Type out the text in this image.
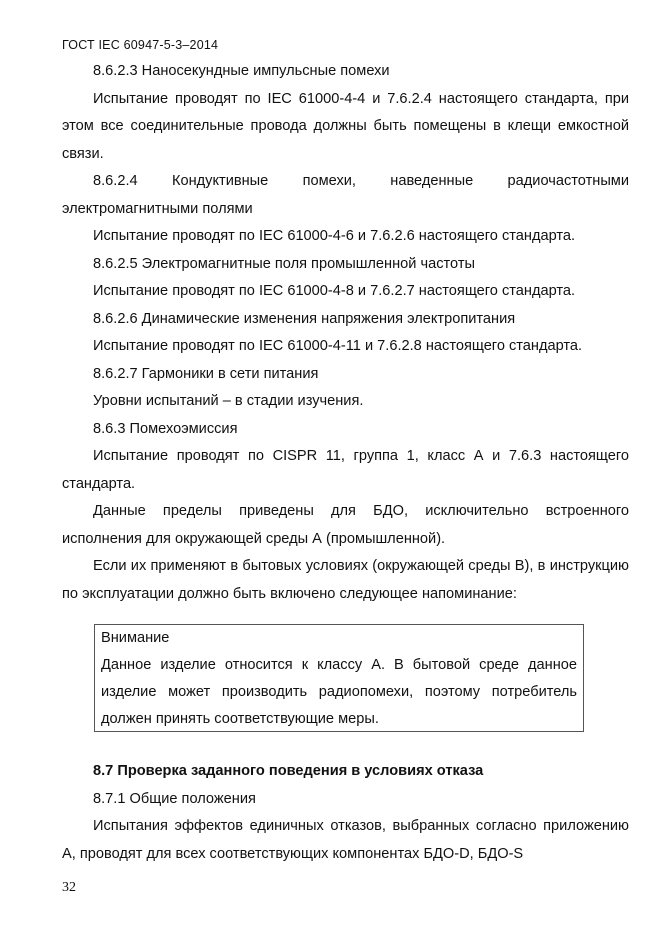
ГОСТ IEC 60947-5-3–2014

8.6.2.3 Наносекундные импульсные помехи

Испытание проводят по IEC 61000-4-4 и 7.6.2.4 настоящего стандарта, при этом все соединительные провода должны быть помещены в клещи емкостной связи.

8.6.2.4 Кондуктивные помехи, наведенные радиочастотными электромагнитными полями

Испытание проводят по IEC 61000-4-6 и 7.6.2.6 настоящего стандарта.

8.6.2.5 Электромагнитные поля промышленной частоты

Испытание проводят по IEC 61000-4-8 и 7.6.2.7 настоящего стандарта.

8.6.2.6 Динамические изменения напряжения электропитания

Испытание проводят по IEC 61000-4-11 и 7.6.2.8 настоящего стандарта.

8.6.2.7 Гармоники в сети питания

Уровни испытаний – в стадии изучения.

8.6.3 Помехоэмиссия

Испытание проводят по CISPR 11, группа 1, класс А и 7.6.3 настоящего стандарта.

Данные пределы приведены для БДО, исключительно встроенного исполнения для окружающей среды А (промышленной).

Если их применяют в бытовых условиях (окружающей среды В), в инструкцию по эксплуатации должно быть включено следующее напоминание:

Внимание

Данное изделие относится к классу А. В бытовой среде данное изделие может производить радиопомехи, поэтому потребитель должен принять соответствующие меры.

8.7 Проверка заданного поведения в условиях отказа

8.7.1 Общие положения

Испытания эффектов единичных отказов, выбранных согласно приложению А, проводят для всех соответствующих компонентах БДО-D, БДО-S

32
